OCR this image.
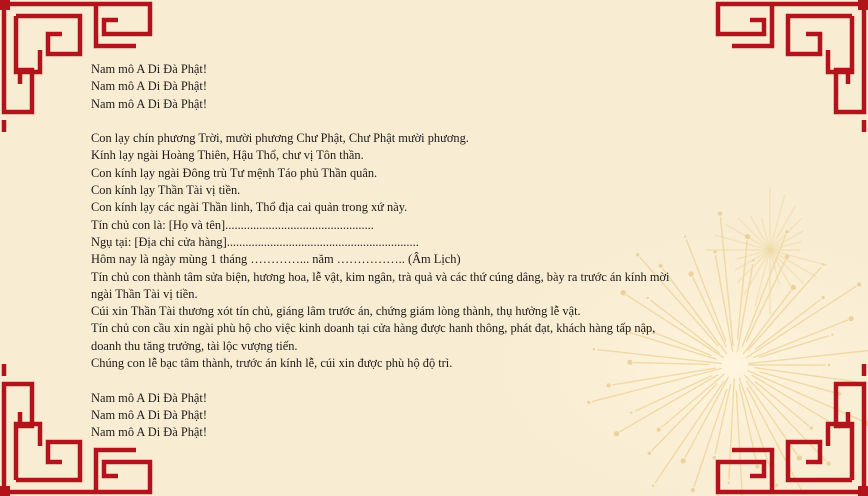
Nam mô A Di Đà Phật!
Nam mô A Di Đà Phật!
Nam mô A Di Đà Phật!
Con lạy chín phương Trời, mười phương Chư Phật, Chư Phật mười phương.
Kính lạy ngài Hoàng Thiên, Hậu Thổ, chư vị Tôn thần.
Con kính lạy ngài Đông trù Tư mệnh Táo phủ Thần quân.
Con kính lạy Thần Tài vị tiền.
Con kính lạy các ngài Thần linh, Thổ địa cai quản trong xứ này.
Tín chủ con là: [Họ và tên]................................................
Ngụ tại: [Địa chỉ cửa hàng]..............................................................
Hôm nay là ngày mùng 1 tháng …………... năm …………….. (Âm Lịch)
Tín chủ con thành tâm sửa biện, hương hoa, lễ vật, kim ngân, trà quả và các thứ cúng dâng, bày ra trước án kính mời
ngài Thần Tài vị tiền.
Cúi xin Thần Tài thương xót tín chủ, giáng lâm trước án, chứng giám lòng thành, thụ hưởng lễ vật.
Tín chủ con cầu xin ngài phù hộ cho việc kinh doanh tại cửa hàng được hanh thông, phát đạt, khách hàng tấp nập,
doanh thu tăng trưởng, tài lộc vượng tiến.
Chúng con lễ bạc tâm thành, trước án kính lễ, cúi xin được phù hộ độ trì.
Nam mô A Di Đà Phật!
Nam mô A Di Đà Phật!
Nam mô A Di Đà Phật!
